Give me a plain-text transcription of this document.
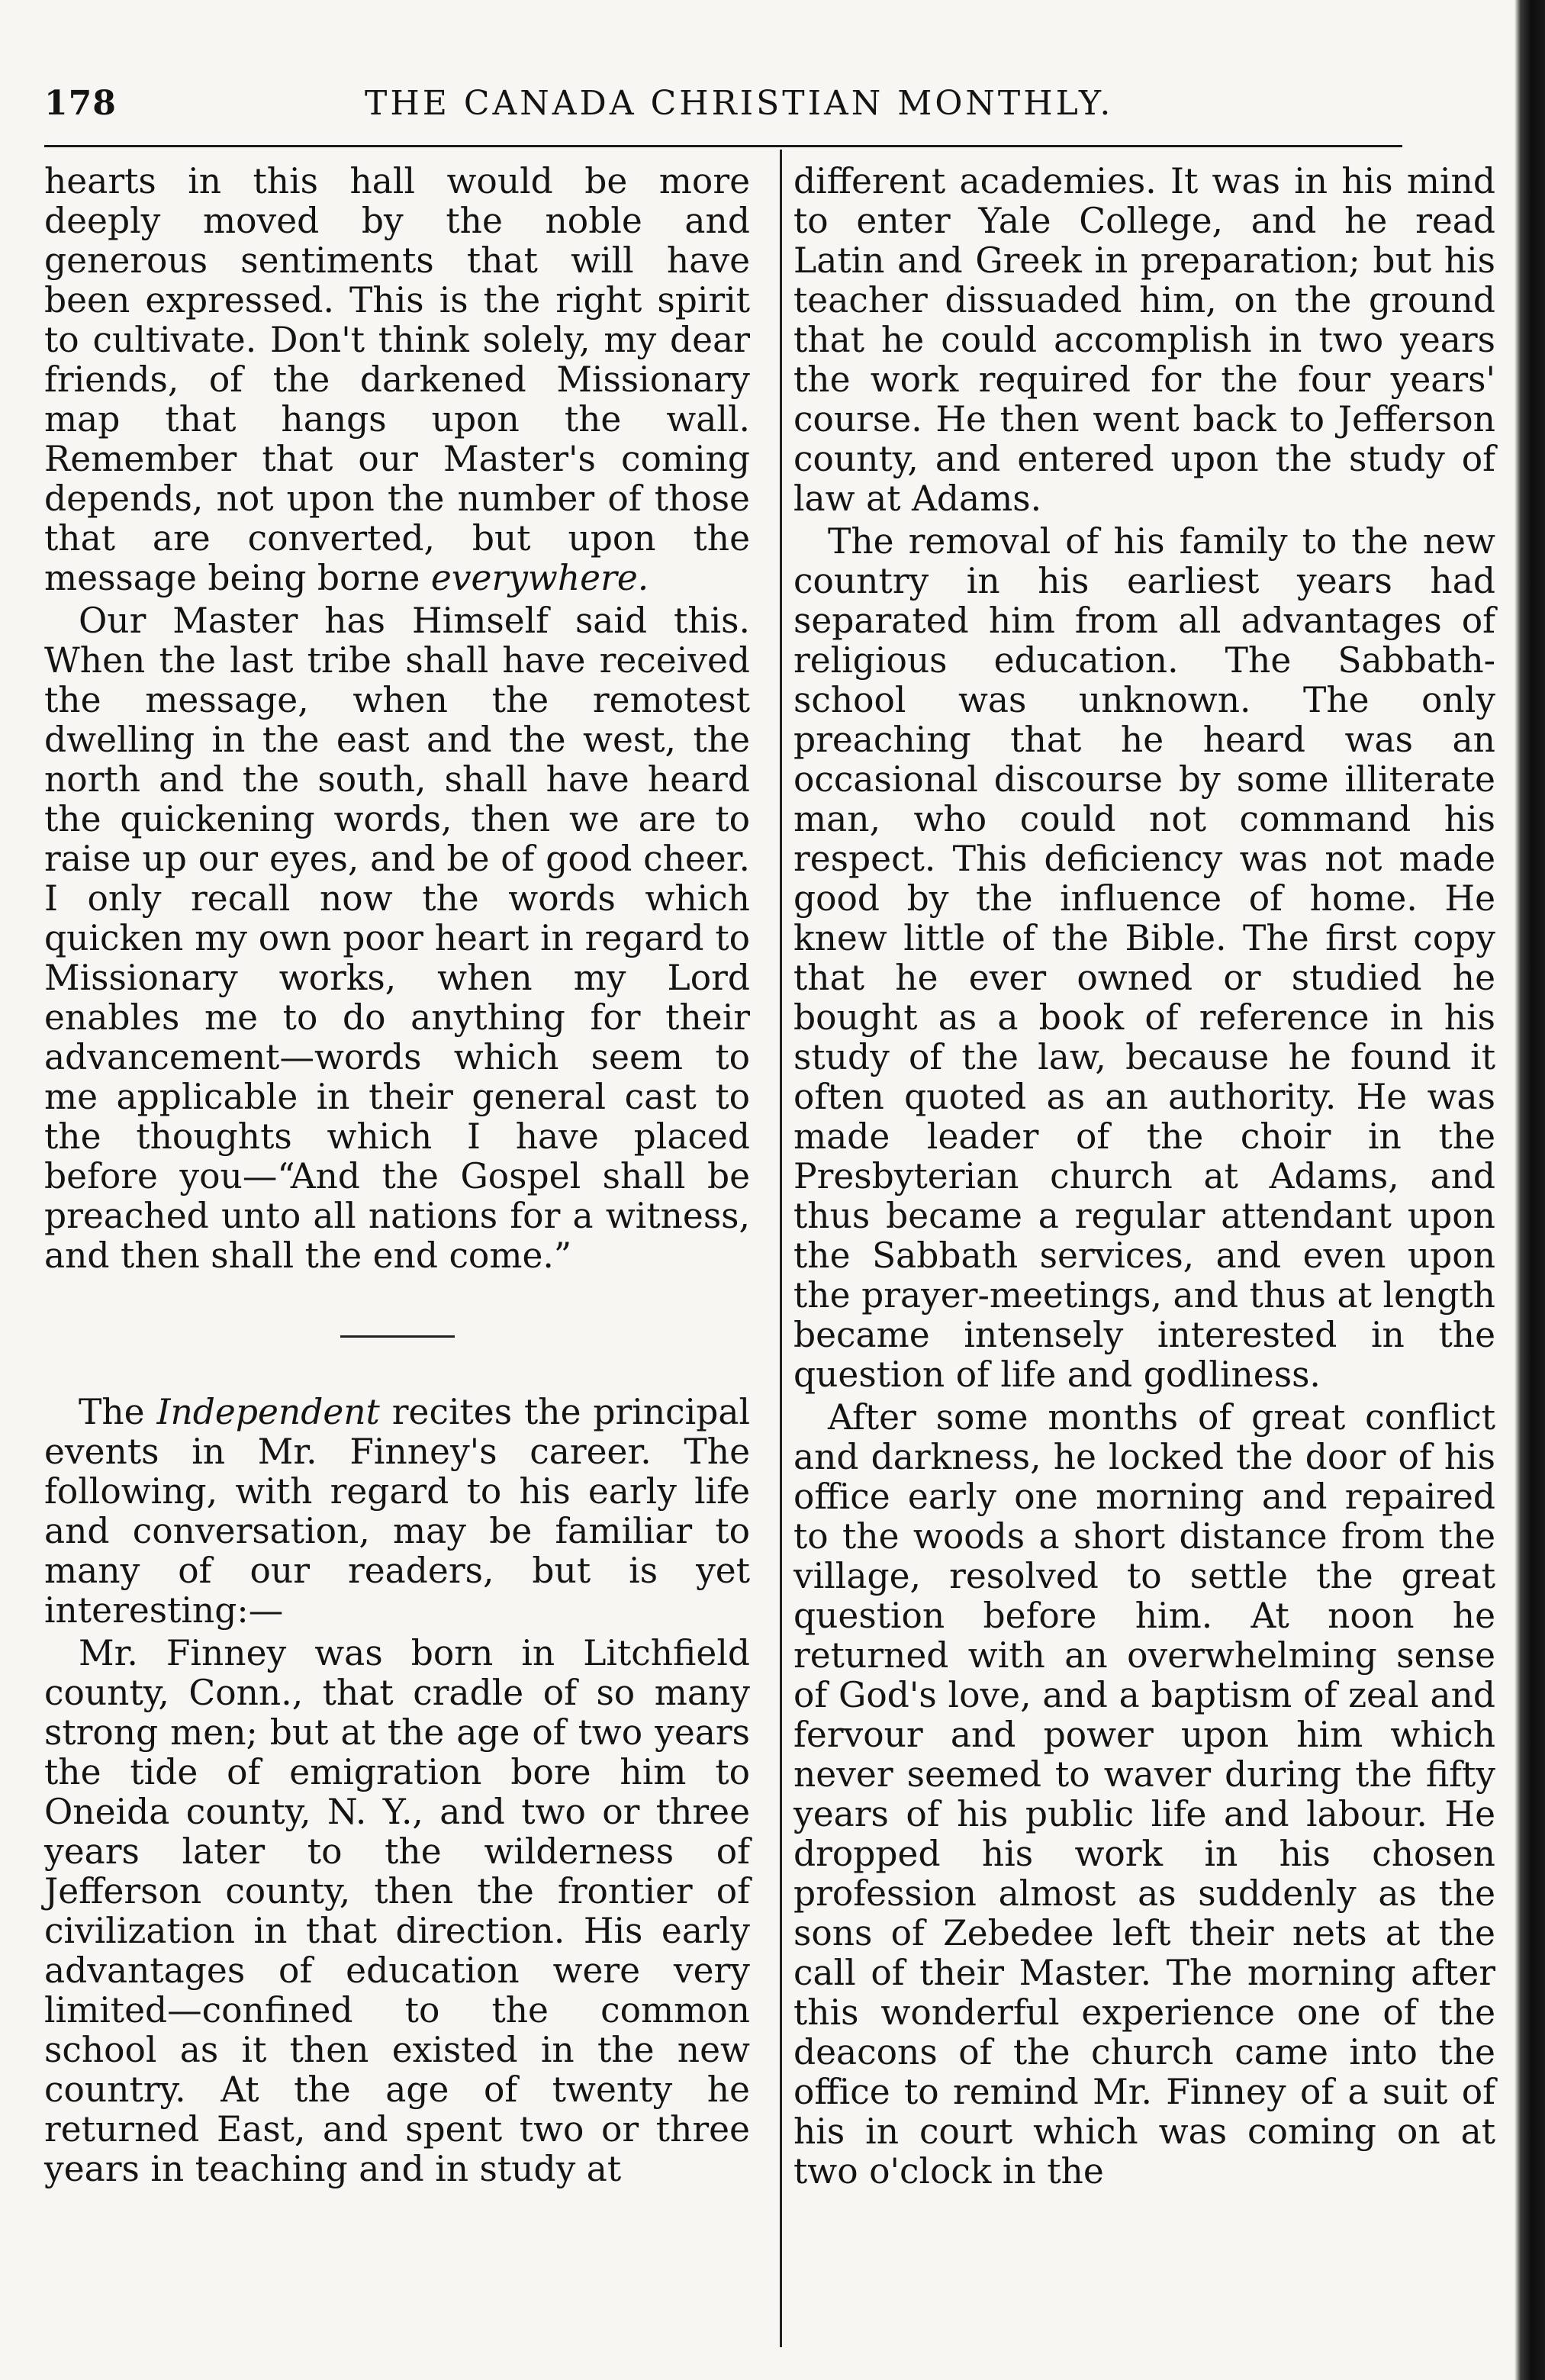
178	THE CANADA CHRISTIAN MONTHLY.

hearts in this hall would be more deeply moved by the noble and generous sentiments that will have been expressed. This is the right spirit to cultivate. Don't think solely, my dear friends, of the darkened Missionary map that hangs upon the wall. Remember that our Master's coming depends, not upon the number of those that are converted, but upon the message being borne everywhere.

Our Master has Himself said this. When the last tribe shall have received the message, when the remotest dwelling in the east and the west, the north and the south, shall have heard the quickening words, then we are to raise up our eyes, and be of good cheer. I only recall now the words which quicken my own poor heart in regard to Missionary works, when my Lord enables me to do anything for their advancement—words which seem to me applicable in their general cast to the thoughts which I have placed before you—“And the Gospel shall be preached unto all nations for a witness, and then shall the end come.”

The Independent recites the principal events in Mr. Finney's career. The following, with regard to his early life and conversation, may be familiar to many of our readers, but is yet interesting:—

Mr. Finney was born in Litchfield county, Conn., that cradle of so many strong men; but at the age of two years the tide of emigration bore him to Oneida county, N. Y., and two or three years later to the wilderness of Jefferson county, then the frontier of civilization in that direction. His early advantages of education were very limited—confined to the common school as it then existed in the new country. At the age of twenty he returned East, and spent two or three years in teaching and in study at

different academies. It was in his mind to enter Yale College, and he read Latin and Greek in preparation; but his teacher dissuaded him, on the ground that he could accomplish in two years the work required for the four years' course. He then went back to Jefferson county, and entered upon the study of law at Adams.

The removal of his family to the new country in his earliest years had separated him from all advantages of religious education. The Sabbath-school was unknown. The only preaching that he heard was an occasional discourse by some illiterate man, who could not command his respect. This deficiency was not made good by the influence of home. He knew little of the Bible. The first copy that he ever owned or studied he bought as a book of reference in his study of the law, because he found it often quoted as an authority. He was made leader of the choir in the Presbyterian church at Adams, and thus became a regular attendant upon the Sabbath services, and even upon the prayer-meetings, and thus at length became intensely interested in the question of life and godliness.

After some months of great conflict and darkness, he locked the door of his office early one morning and repaired to the woods a short distance from the village, resolved to settle the great question before him. At noon he returned with an overwhelming sense of God's love, and a baptism of zeal and fervour and power upon him which never seemed to waver during the fifty years of his public life and labour. He dropped his work in his chosen profession almost as suddenly as the sons of Zebedee left their nets at the call of their Master. The morning after this wonderful experience one of the deacons of the church came into the office to remind Mr. Finney of a suit of his in court which was coming on at two o'clock in the
